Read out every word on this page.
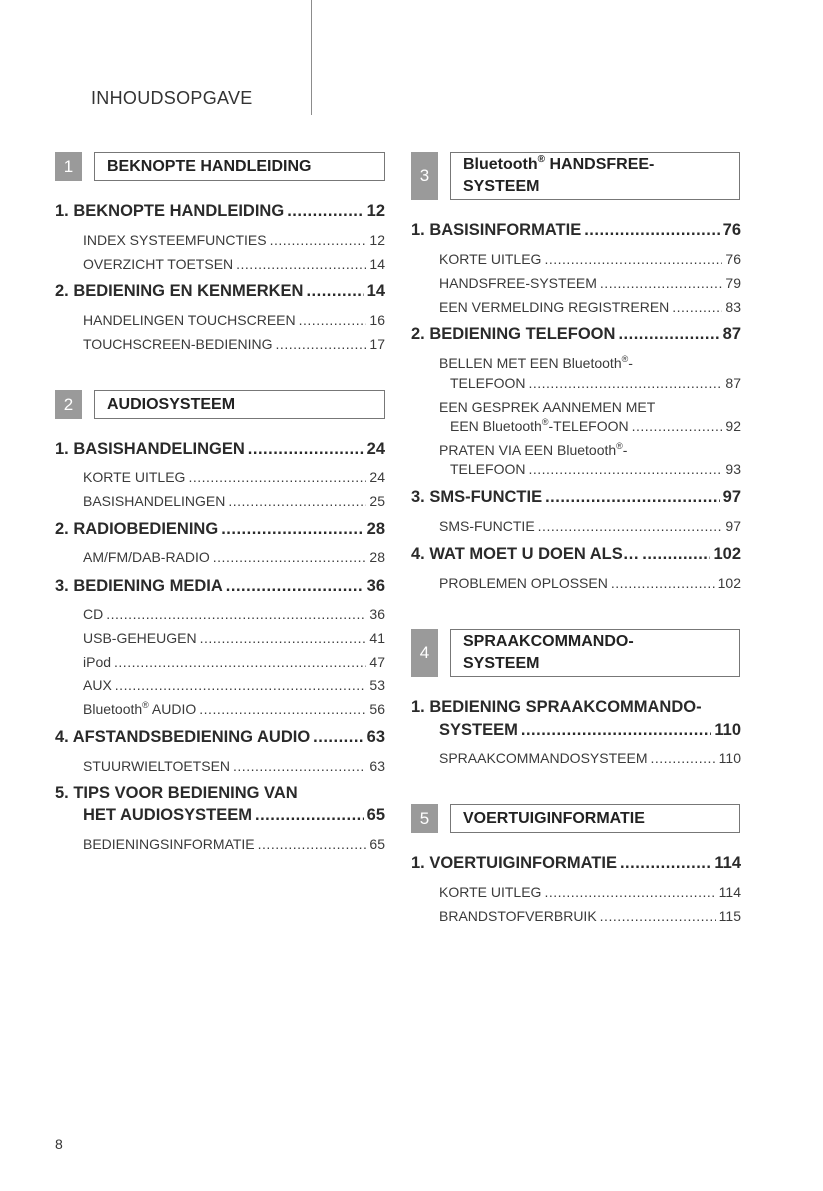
INHOUDSOPGAVE
1	BEKNOPTE HANDLEIDING
1. BEKNOPTE HANDLEIDING .....	12
INDEX SYSTEEMFUNCTIES .....	12
OVERZICHT TOETSEN .....	14
2. BEDIENING EN KENMERKEN .....	14
HANDELINGEN TOUCHSCREEN .....	16
TOUCHSCREEN-BEDIENING .....	17
2	AUDIOSYSTEEM
1. BASISHANDELINGEN .....	24
KORTE UITLEG .....	24
BASISHANDELINGEN .....	25
2. RADIOBEDIENING .....	28
AM/FM/DAB-RADIO .....	28
3. BEDIENING MEDIA .....	36
CD .....	36
USB-GEHEUGEN .....	41
iPod .....	47
AUX .....	53
Bluetooth® AUDIO .....	56
4. AFSTANDSBEDIENING AUDIO .....	63
STUURWIELTOETSEN .....	63
5. TIPS VOOR BEDIENING VAN
HET AUDIOSYSTEEM .....	65
BEDIENINGSINFORMATIE .....	65
3
Bluetooth® HANDSFREE-
SYSTEEM
1. BASISINFORMATIE .....	76
KORTE UITLEG .....	76
HANDSFREE-SYSTEEM .....	79
EEN VERMELDING REGISTREREN .....	83
2. BEDIENING TELEFOON .....	87
BELLEN MET EEN Bluetooth®-
TELEFOON .....	87
EEN GESPREK AANNEMEN MET
EEN Bluetooth®-TELEFOON .....	92
PRATEN VIA EEN Bluetooth®-
TELEFOON .....	93
3. SMS-FUNCTIE .....	97
SMS-FUNCTIE .....	97
4. WAT MOET U DOEN ALS… .....	102
PROBLEMEN OPLOSSEN .....	102
4
SPRAAKCOMMANDO-
SYSTEEM
1. BEDIENING SPRAAKCOMMANDO-
SYSTEEM .....	110
SPRAAKCOMMANDOSYSTEEM .....	110
5	VOERTUIGINFORMATIE
1. VOERTUIGINFORMATIE .....	114
KORTE UITLEG .....	114
BRANDSTOFVERBRUIK .....	115
8
